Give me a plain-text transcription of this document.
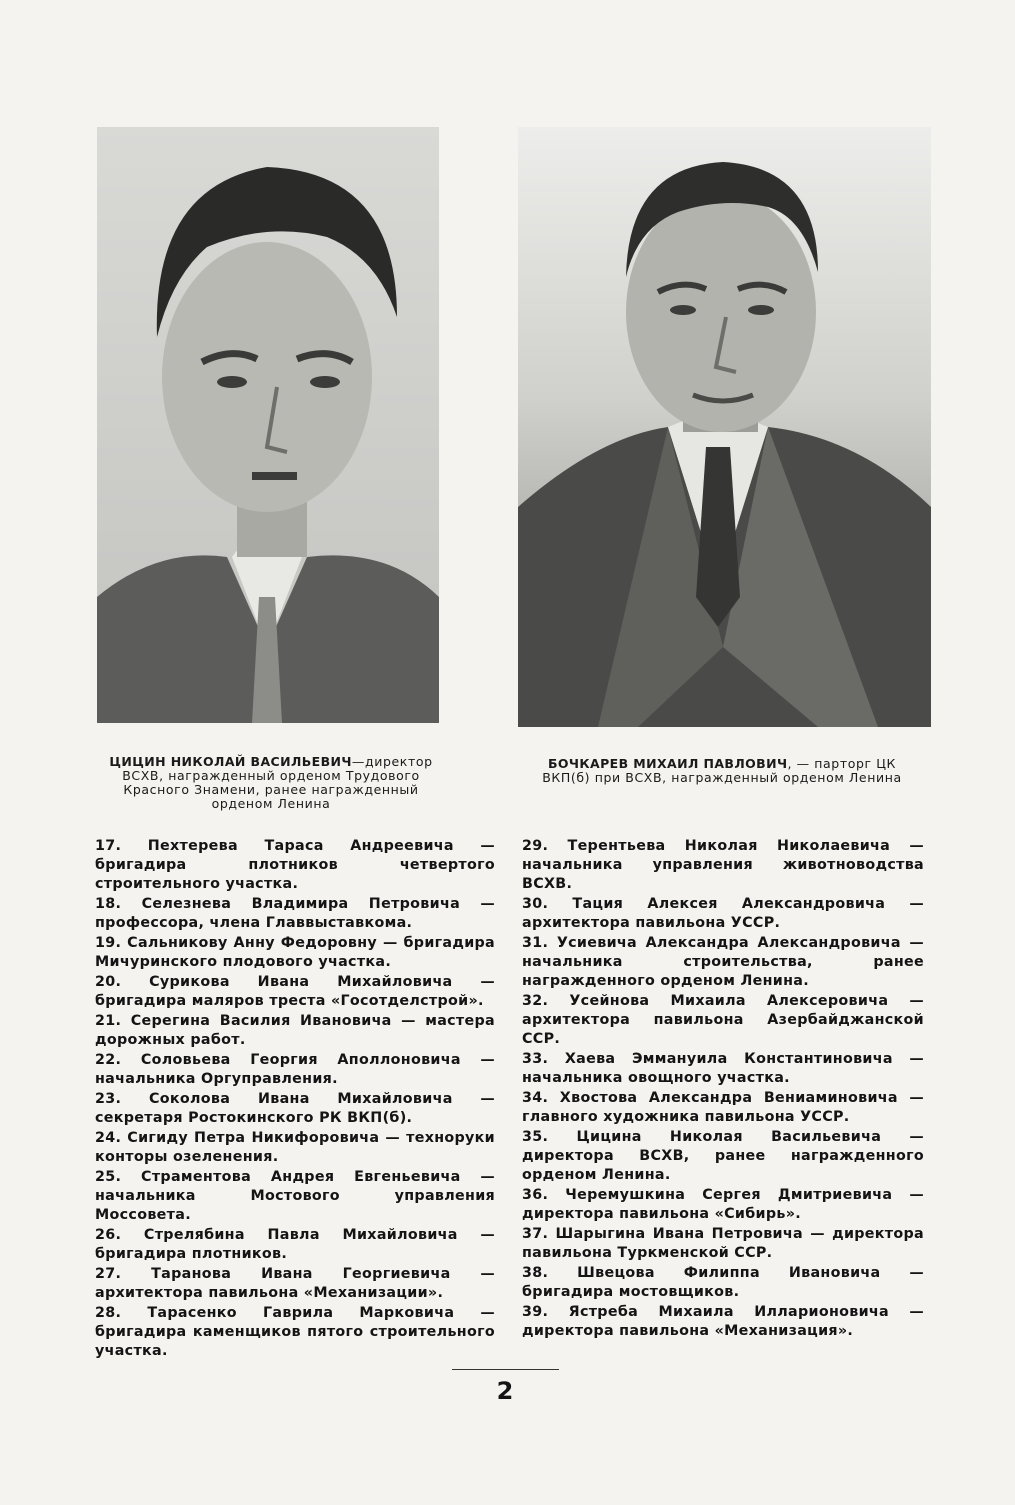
ЦИЦИН НИКОЛАЙ ВАСИЛЬЕВИЧ—директор ВСХВ, награжденный орденом Трудового Красного Знамени, ранее награжденный орденом Ленина
БОЧКАРЕВ МИХАИЛ ПАВЛОВИЧ, — парторг ЦК ВКП(б) при ВСХВ, награжденный орденом Ленина

17. Пехтерева Тараса Андреевича — бригадира плотников четвертого строительного участка.

18. Селезнева Владимира Петровича — профессора, члена Главвыставкома.

19. Сальникову Анну Федоровну — бригадира Мичуринского плодового участка.

20. Сурикова Ивана Михайловича — бригадира маляров треста «Госотделстрой».

21. Серегина Василия Ивановича — мастера дорожных работ.

22. Соловьева Георгия Аполлоновича — начальника Оргуправления.

23. Соколова Ивана Михайловича — секретаря Ростокинского РК ВКП(б).

24. Сигиду Петра Никифоровича — техноруки конторы озеленения.

25. Страментова Андрея Евгеньевича — начальника Мостового управления Моссовета.

26. Стрелябина Павла Михайловича — бригадира плотников.

27. Таранова Ивана Георгиевича — архитектора павильона «Механизации».

28. Тарасенко Гаврила Марковича — бригадира каменщиков пятого строительного участка.

29. Терентьева Николая Николаевича — начальника управления животноводства ВСХВ.

30. Тация Алексея Александровича — архитектора павильона УССР.

31. Усиевича Александра Александровича — начальника строительства, ранее награжденного орденом Ленина.

32. Усейнова Михаила Алексеровича — архитектора павильона Азербайджанской ССР.

33. Хаева Эммануила Константиновича — начальника овощного участка.

34. Хвостова Александра Вениаминовича — главного художника павильона УССР.

35. Цицина Николая Васильевича — директора ВСХВ, ранее награжденного орденом Ленина.

36. Черемушкина Сергея Дмитриевича — директора павильона «Сибирь».

37. Шарыгина Ивана Петровича — директора павильона Туркменской ССР.

38. Швецова Филиппа Ивановича — бригадира мостовщиков.

39. Ястреба Михаила Илларионовича — директора павильона «Механизация».

2
